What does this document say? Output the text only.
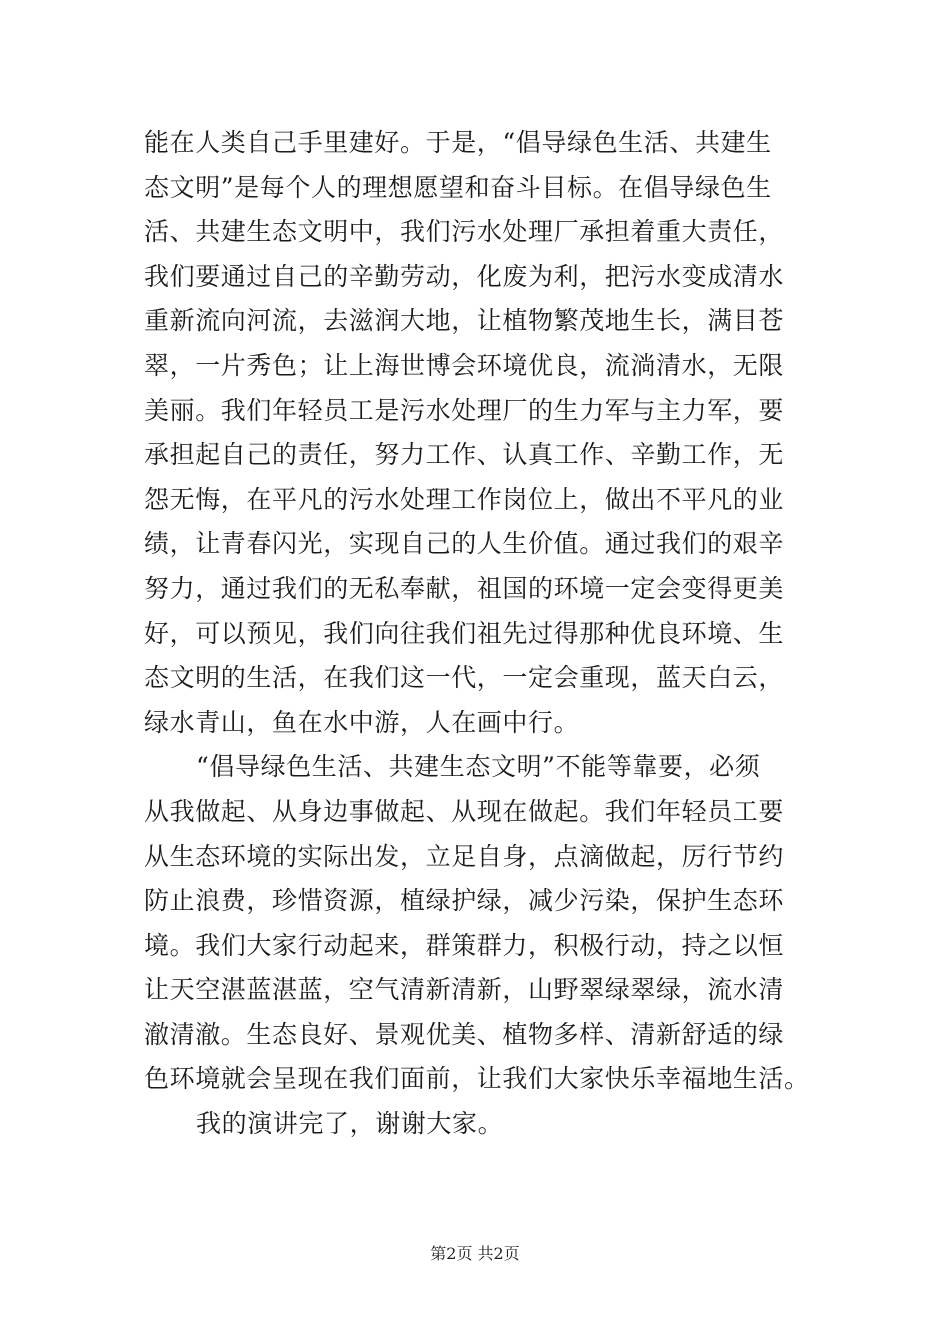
能在人类自己手里建好。于是，“倡导绿色生活、共建生
态文明”是每个人的理想愿望和奋斗目标。在倡导绿色生
活、共建生态文明中，我们污水处理厂承担着重大责任，
我们要通过自己的辛勤劳动，化废为利，把污水变成清水
重新流向河流，去滋润大地，让植物繁茂地生长，满目苍
翠，一片秀色；让上海世博会环境优良，流淌清水，无限
美丽。我们年轻员工是污水处理厂的生力军与主力军，要
承担起自己的责任，努力工作、认真工作、辛勤工作，无
怨无悔，在平凡的污水处理工作岗位上，做出不平凡的业
绩，让青春闪光，实现自己的人生价值。通过我们的艰辛
努力，通过我们的无私奉献，祖国的环境一定会变得更美
好，可以预见，我们向往我们祖先过得那种优良环境、生
态文明的生活，在我们这一代，一定会重现，蓝天白云，
绿水青山，鱼在水中游，人在画中行。
“倡导绿色生活、共建生态文明”不能等靠要，必须
从我做起、从身边事做起、从现在做起。我们年轻员工要
从生态环境的实际出发，立足自身，点滴做起，厉行节约
防止浪费，珍惜资源，植绿护绿，减少污染，保护生态环
境。我们大家行动起来，群策群力，积极行动，持之以恒
让天空湛蓝湛蓝，空气清新清新，山野翠绿翠绿，流水清
澈清澈。生态良好、景观优美、植物多样、清新舒适的绿
色环境就会呈现在我们面前，让我们大家快乐幸福地生活。
我的演讲完了，谢谢大家。
第2页 共2页
